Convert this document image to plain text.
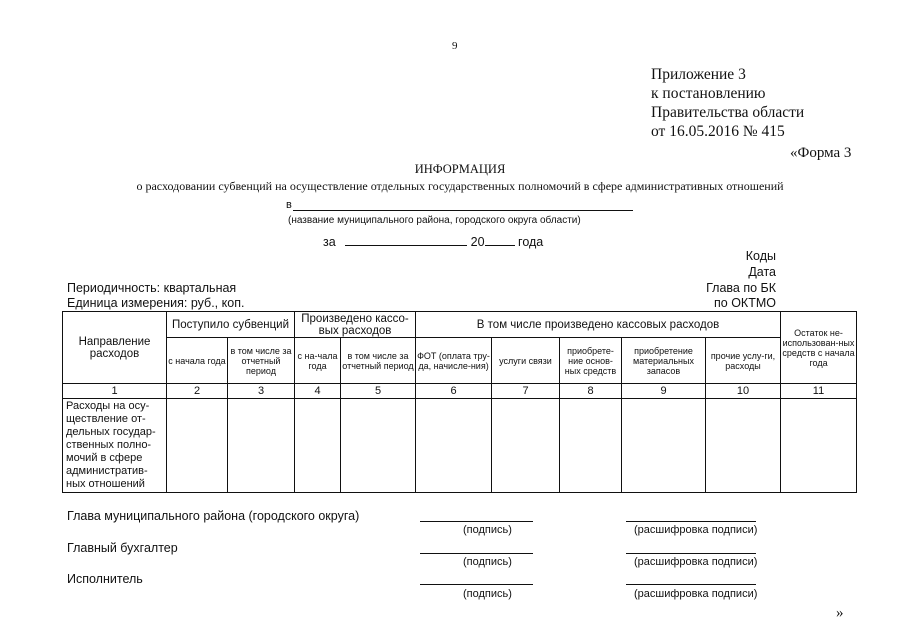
9
Приложение 3
к постановлению
Правительства области
от 16.05.2016 № 415
«Форма 3
ИНФОРМАЦИЯ
о расходовании субвенций на осуществление отдельных государственных полномочий в сфере административных отношений
в
(название муниципального района, городского округа области)
за	20	года
Коды
Дата
Глава по БК
по ОКТМО
Периодичность: квартальная
Единица измерения: руб., коп.
Направление расходов	Поступило субвенций		Произведено кассо-вых расходов		В том числе произведено кассовых расходов					Остаток не-использован-ных средств с начала года
	с начала года	в том числе за отчетный период	с на-чала года	в том числе за отчетный период	ФОТ (оплата тру-да, начисле-ния)	услуги связи	приобрете-ние основ-ных средств	приобретение материальных запасов	прочие услу-ги, расходы	
1	2	3	4	5	6	7	8	9	10	11
Расходы на осу-ществление от-дельных государ-ственных полно-мочий в сфере административ-ных отношений										
Глава муниципального района (городского округа)
(подпись)	(расшифровка подписи)
Главный бухгалтер
(подпись)	(расшифровка подписи)
Исполнитель
(подпись)	(расшифровка подписи)
»
